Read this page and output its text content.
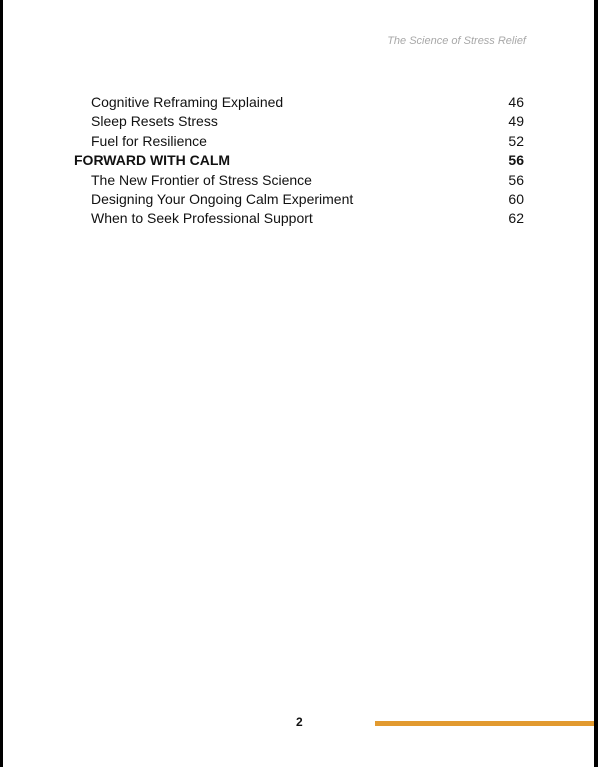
The Science of Stress Relief
Cognitive Reframing Explained	46
Sleep Resets Stress	49
Fuel for Resilience	52
FORWARD WITH CALM	56
The New Frontier of Stress Science	56
Designing Your Ongoing Calm Experiment	60
When to Seek Professional Support	62
2
